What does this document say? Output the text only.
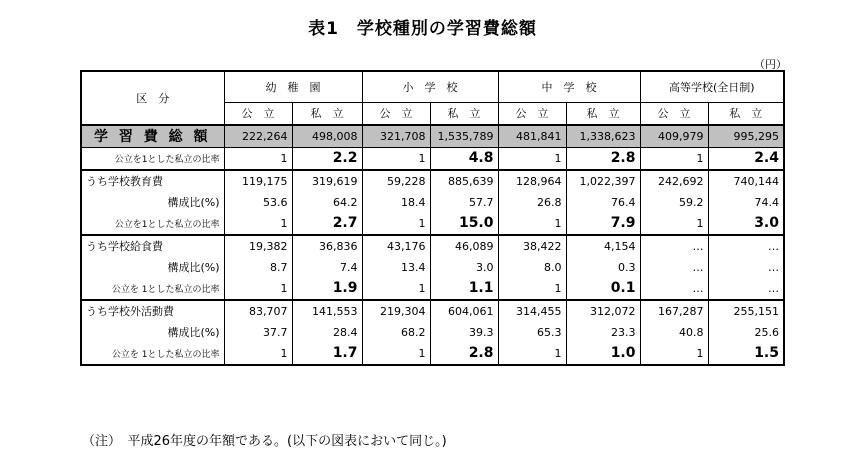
表1　学校種別の学習費総額
（円）
区　分	幼　稚　園		小　学　校		中　学　校		高等学校(全日制)	
	公　立	私　立	公　立	私　立	公　立	私　立	公　立	私　立
学 習 費 総 額	222,264	498,008	321,708	1,535,789	481,841	1,338,623	409,979	995,295
公立を1とした私立の比率	1	2.2	1	4.8	1	2.8	1	2.4
うち学校教育費	119,175	319,619	59,228	885,639	128,964	1,022,397	242,692	740,144
構成比(%)	53.6	64.2	18.4	57.7	26.8	76.4	59.2	74.4
公立を1とした私立の比率	1	2.7	1	15.0	1	7.9	1	3.0
うち学校給食費	19,382	36,836	43,176	46,089	38,422	4,154	…	…
構成比(%)	8.7	7.4	13.4	3.0	8.0	0.3	…	…
公立を 1とした私立の比率	1	1.9	1	1.1	1	0.1	…	…
うち学校外活動費	83,707	141,553	219,304	604,061	314,455	312,072	167,287	255,151
構成比(%)	37.7	28.4	68.2	39.3	65.3	23.3	40.8	25.6
公立を 1とした私立の比率	1	1.7	1	2.8	1	1.0	1	1.5
（注）　平成26年度の年額である。(以下の図表において同じ。)
